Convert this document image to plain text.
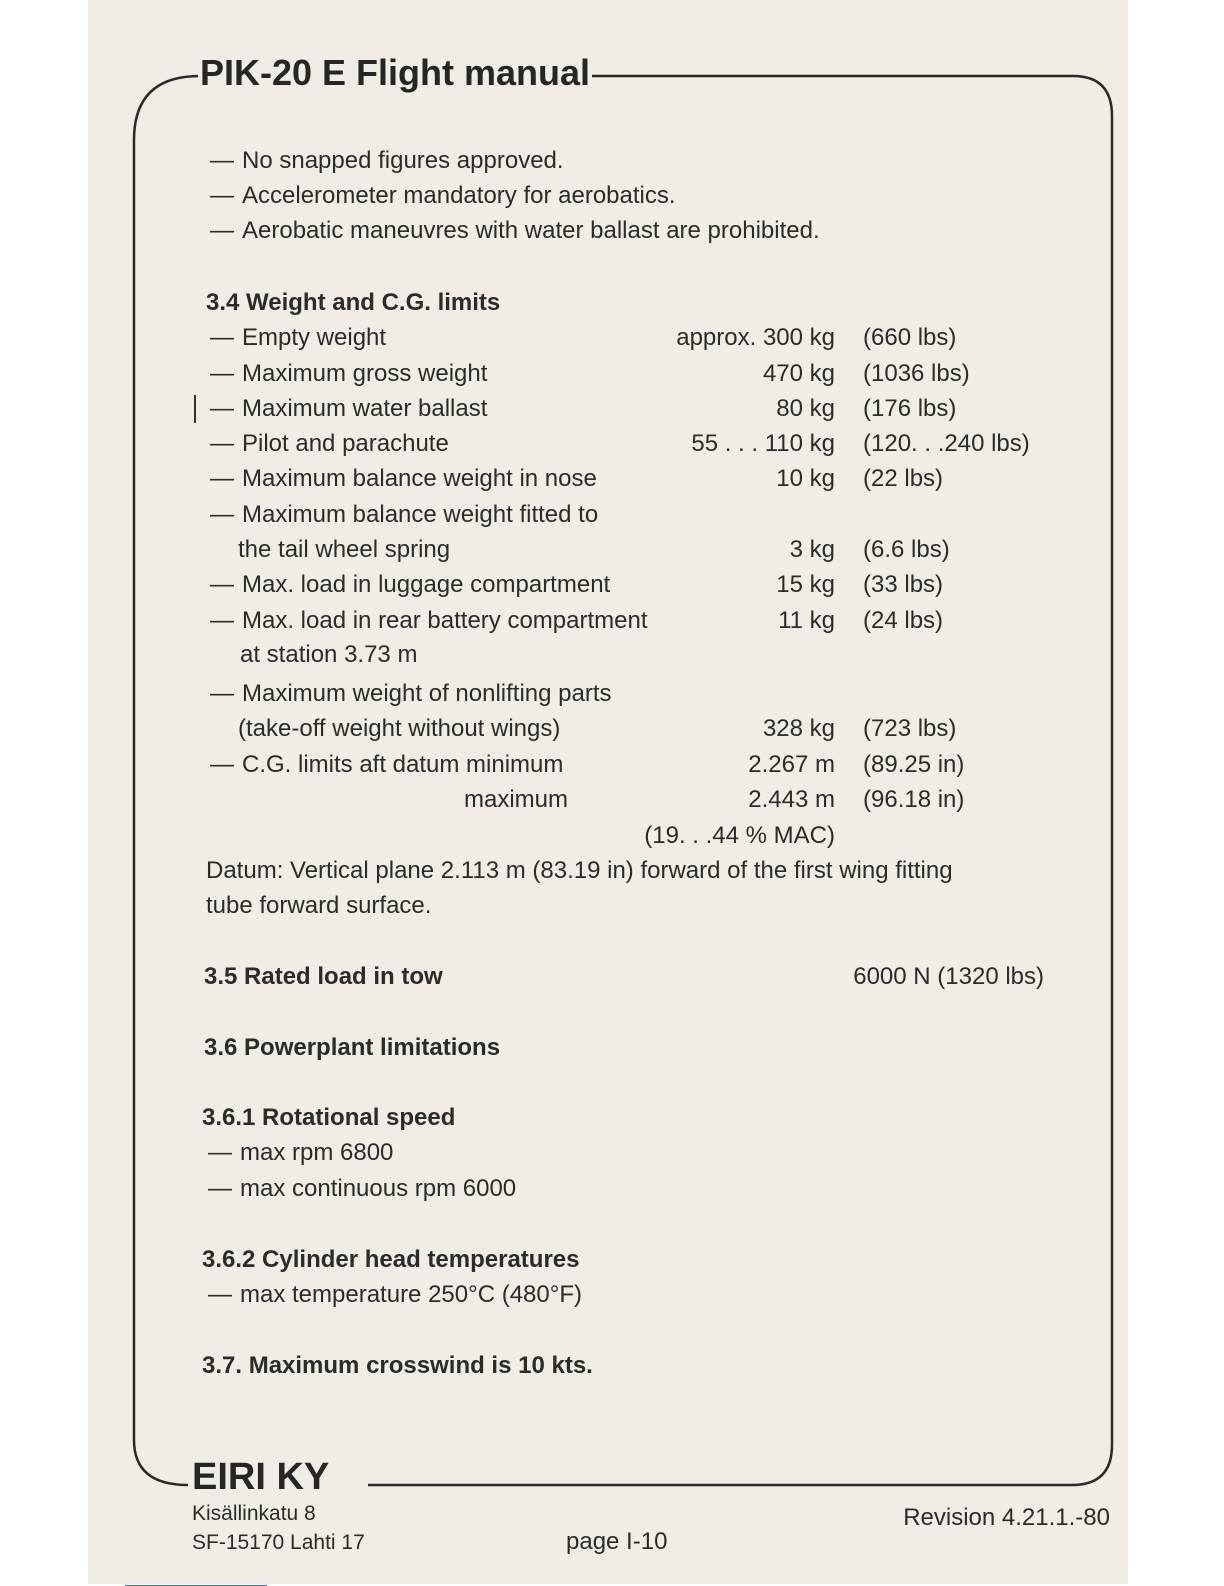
PIK-20 E Flight manual
— No snapped figures approved.
— Accelerometer mandatory for aerobatics.
— Aerobatic maneuvres with water ballast are prohibited.
3.4 Weight and C.G. limits
— Empty weight	approx. 300 kg (660 lbs)
— Maximum gross weight	470 kg (1036 lbs)
— Maximum water ballast	80 kg (176 lbs)
— Pilot and parachute	55 . . . 110 kg (120. . .240 lbs)
— Maximum balance weight in nose	10 kg (22 lbs)
— Maximum balance weight fitted to
the tail wheel spring	3 kg (6.6 lbs)
— Max. load in luggage compartment	15 kg (33 lbs)
— Max. load in rear battery compartment	11 kg (24 lbs)
at station 3.73 m
— Maximum weight of nonlifting parts
(take-off weight without wings)	328 kg (723 lbs)
— C.G. limits aft datum minimum	2.267 m (89.25 in)
maximum	2.443 m (96.18 in)
(19. . .44 % MAC)
Datum: Vertical plane 2.113 m (83.19 in) forward of the first wing fitting
tube forward surface.
3.5 Rated load in tow	6000 N (1320 lbs)
3.6 Powerplant limitations
3.6.1 Rotational speed
— max rpm 6800
— max continuous rpm 6000
3.6.2 Cylinder head temperatures
— max temperature 250°C (480°F)
3.7. Maximum crosswind is 10 kts.
EIRI KY
Kisällinkatu 8
SF-15170 Lahti 17	page I-10
Revision 4.21.1.-80
